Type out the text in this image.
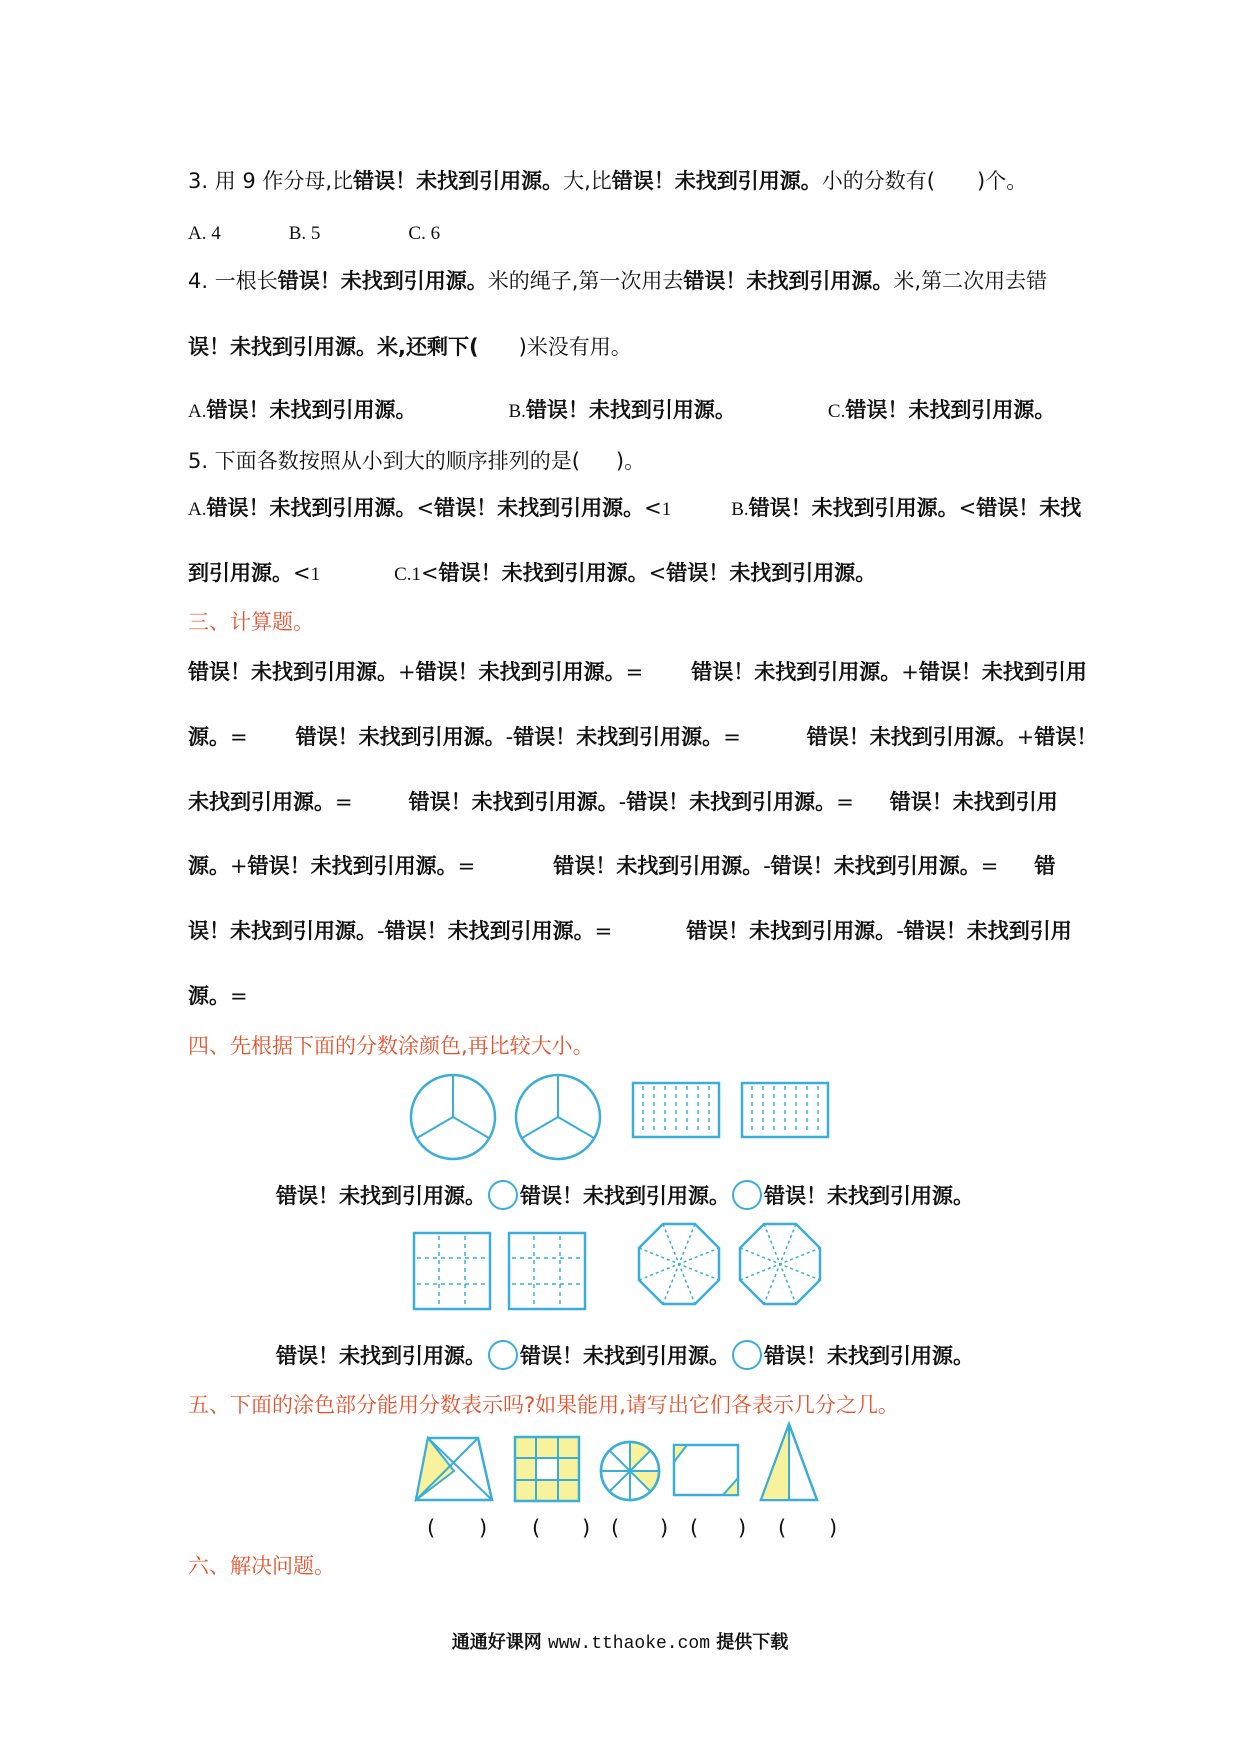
3. 用 9 作分母,比错误！未找到引用源。大,比错误！未找到引用源。小的分数有( )个。
A. 4	B. 5	C. 6
4. 一根长错误！未找到引用源。米的绳子,第一次用去错误！未找到引用源。米,第二次用去错
误！未找到引用源。米,还剩下( )米没有用。
A.错误！未找到引用源。	B.错误！未找到引用源。	C.错误！未找到引用源。
5. 下面各数按照从小到大的顺序排列的是( )。
A.错误！未找到引用源。<错误！未找到引用源。<1	B.错误！未找到引用源。<错误！未找
到引用源。<1	C.1<错误！未找到引用源。<错误！未找到引用源。
三、计算题。
错误！未找到引用源。+错误！未找到引用源。= 错误！未找到引用源。+错误！未找到引用
源。= 错误！未找到引用源。-错误！未找到引用源。=	错误！未找到引用源。+错误！
未找到引用源。=	错误！未找到引用源。-错误！未找到引用源。= 错误！未找到引用
源。+错误！未找到引用源。=	错误！未找到引用源。-错误！未找到引用源。= 错
误！未找到引用源。-错误！未找到引用源。=	错误！未找到引用源。-错误！未找到引用
源。=
四、先根据下面的分数涂颜色,再比较大小。
错误！未找到引用源。 错误！未找到引用源。 错误！未找到引用源。
错误！未找到引用源。 错误！未找到引用源。 错误！未找到引用源。
五、下面的涂色部分能用分数表示吗?如果能用,请写出它们各表示几分之几。
( ) ( ) ( ) ( ) ( )
六、解决问题。
通通好课网 www.tthaoke.com 提供下载
